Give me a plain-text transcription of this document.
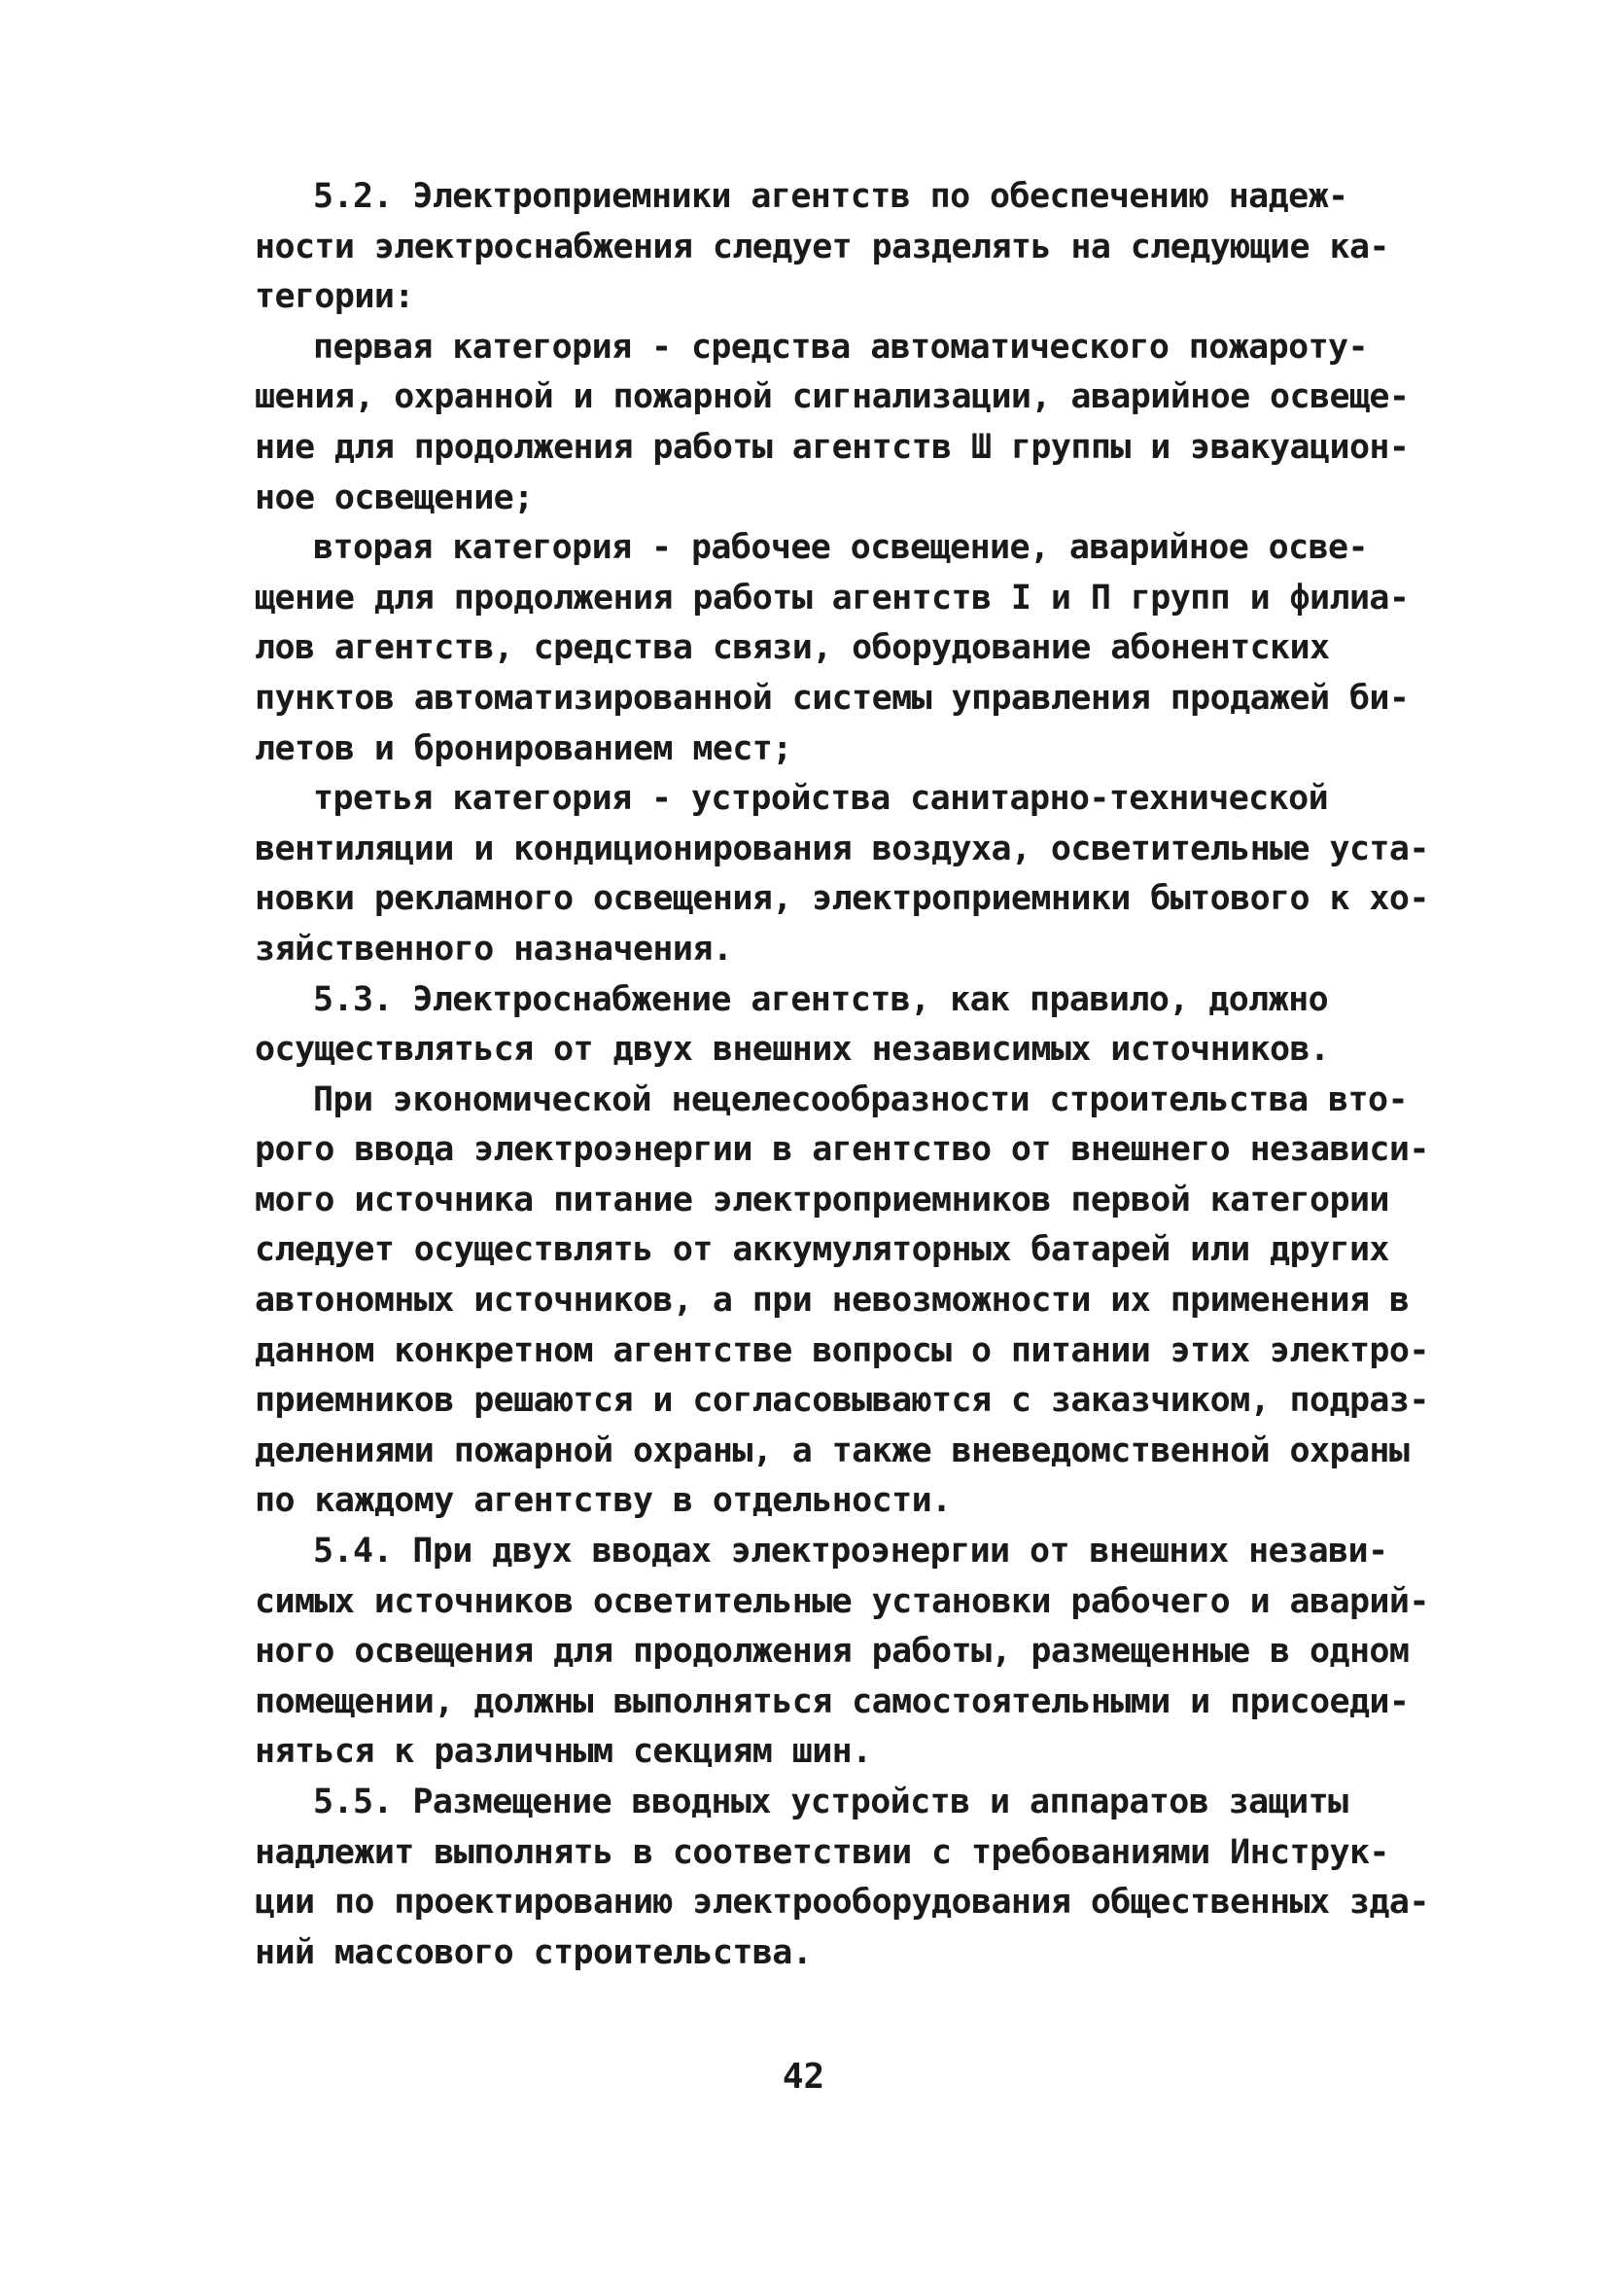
5.2. Электроприемники агентств по обеспечению надеж-
ности электроснабжения следует разделять на следующие ка-
тегории:
первая категория - средства автоматического пожароту-
шения, охранной и пожарной сигнализации, аварийное освеще-
ние для продолжения работы агентств Ш группы и эвакуацион-
ное освещение;
вторая категория - рабочее освещение, аварийное осве-
щение для продолжения работы агентств I и П групп и филиа-
лов агентств, средства связи, оборудование абонентских
пунктов автоматизированной системы управления продажей би-
летов и бронированием мест;
третья категория - устройства санитарно-технической
вентиляции и кондиционирования воздуха, осветительные уста-
новки рекламного освещения, электроприемники бытового к хо-
зяйственного назначения.
5.3. Электроснабжение агентств, как правило, должно
осуществляться от двух внешних независимых источников.
При экономической нецелесообразности строительства вто-
рого ввода электроэнергии в агентство от внешнего независи-
мого источника питание электроприемников первой категории
следует осуществлять от аккумуляторных батарей или других
автономных источников, а при невозможности их применения в
данном конкретном агентстве вопросы о питании этих электро-
приемников решаются и согласовываются с заказчиком, подраз-
делениями пожарной охраны, а также вневедомственной охраны
по каждому агентству в отдельности.
5.4. При двух вводах электроэнергии от внешних незави-
симых источников осветительные установки рабочего и аварий-
ного освещения для продолжения работы, размещенные в одном
помещении, должны выполняться самостоятельными и присоеди-
няться к различным секциям шин.
5.5. Размещение вводных устройств и аппаратов защиты
надлежит выполнять в соответствии с требованиями Инструк-
ции по проектированию электрооборудования общественных зда-
ний массового строительства.
42
